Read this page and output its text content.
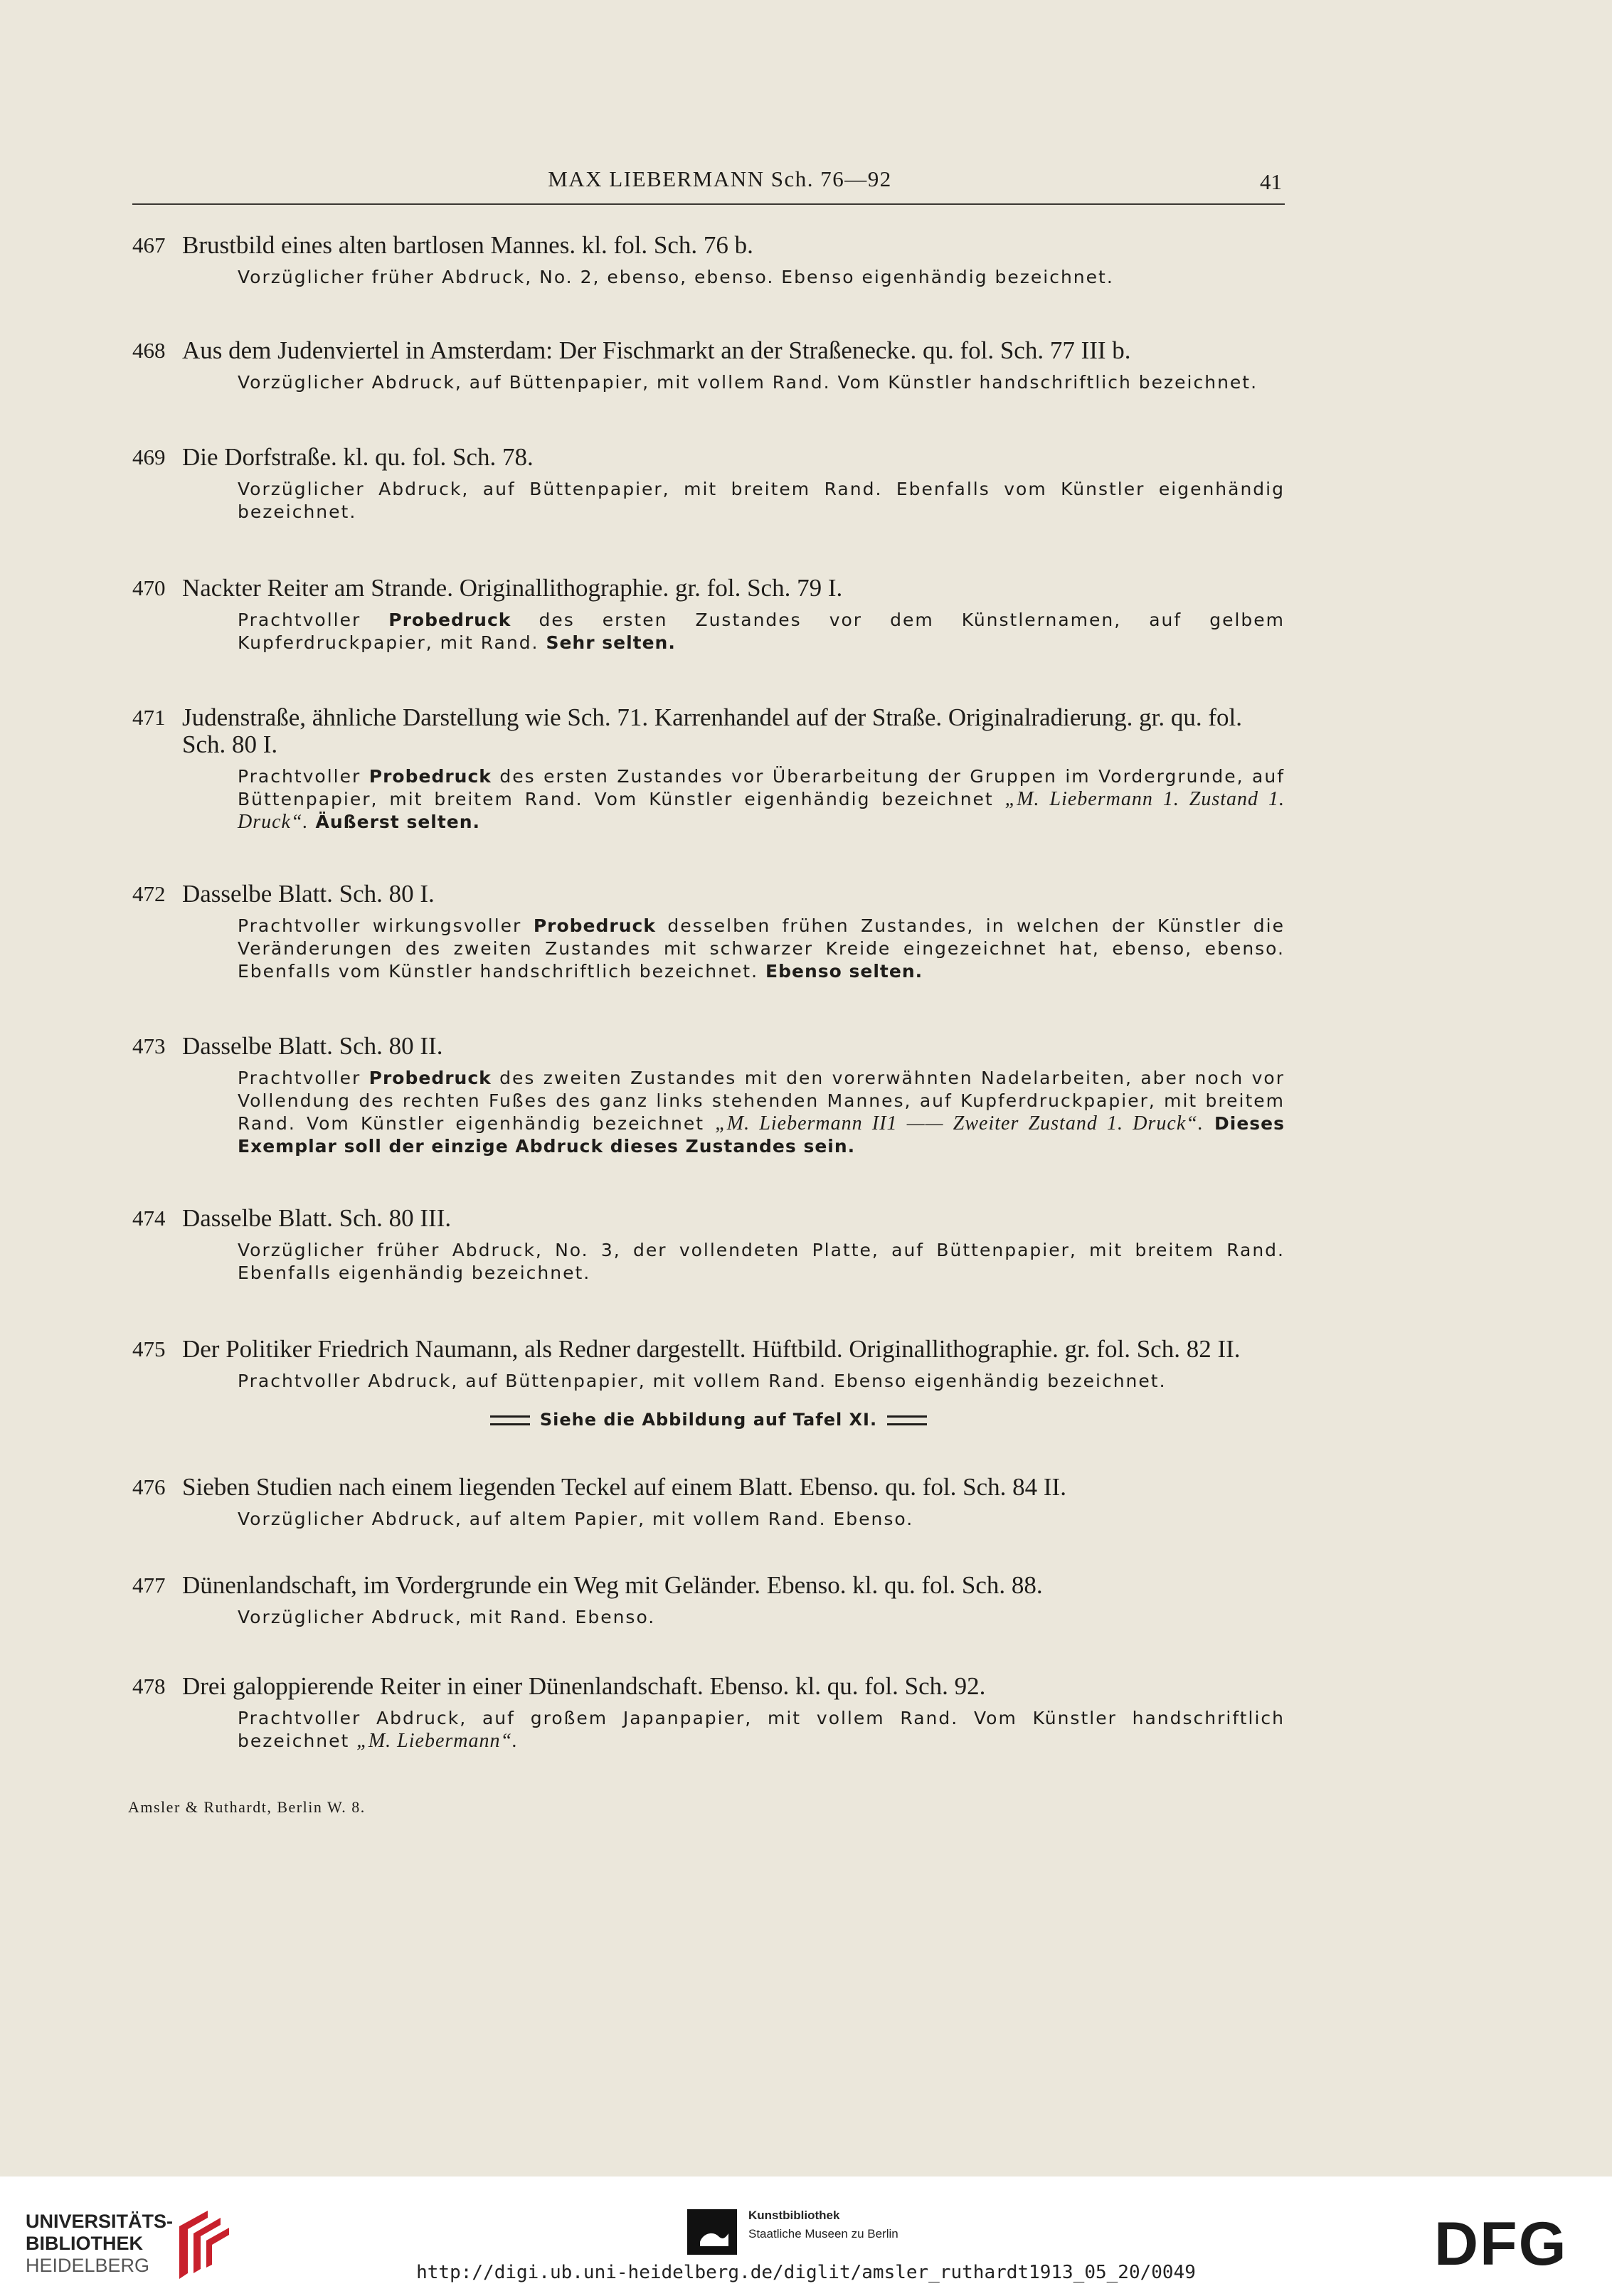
MAX LIEBERMANN Sch. 76—92	41
467 Brustbild eines alten bartlosen Mannes. kl. fol. Sch. 76 b.
Vorzüglicher früher Abdruck, No. 2, ebenso, ebenso. Ebenso eigenhändig bezeichnet.
468 Aus dem Judenviertel in Amsterdam: Der Fischmarkt an der Straßenecke. qu. fol. Sch. 77 III b.
Vorzüglicher Abdruck, auf Büttenpapier, mit vollem Rand. Vom Künstler handschriftlich bezeichnet.
469 Die Dorfstraße. kl. qu. fol. Sch. 78.
Vorzüglicher Abdruck, auf Büttenpapier, mit breitem Rand. Ebenfalls vom Künstler eigenhändig bezeichnet.
470 Nackter Reiter am Strande. Originallithographie. gr. fol. Sch. 79 I.
Prachtvoller Probedruck des ersten Zustandes vor dem Künstlernamen, auf gelbem Kupferdruckpapier, mit Rand. Sehr selten.
471 Judenstraße, ähnliche Darstellung wie Sch. 71. Karrenhandel auf der Straße. Originalradierung. gr. qu. fol. Sch. 80 I.
Prachtvoller Probedruck des ersten Zustandes vor Überarbeitung der Gruppen im Vordergrunde, auf Büttenpapier, mit breitem Rand. Vom Künstler eigenhändig bezeichnet „M. Liebermann 1. Zustand 1. Druck“. Äußerst selten.
472 Dasselbe Blatt. Sch. 80 I.
Prachtvoller wirkungsvoller Probedruck desselben frühen Zustandes, in welchen der Künstler die Veränderungen des zweiten Zustandes mit schwarzer Kreide eingezeichnet hat, ebenso, ebenso. Ebenfalls vom Künstler handschriftlich bezeichnet. Ebenso selten.
473 Dasselbe Blatt. Sch. 80 II.
Prachtvoller Probedruck des zweiten Zustandes mit den vorerwähnten Nadelarbeiten, aber noch vor Vollendung des rechten Fußes des ganz links stehenden Mannes, auf Kupferdruckpapier, mit breitem Rand. Vom Künstler eigenhändig bezeichnet „M. Liebermann II1 —— Zweiter Zustand 1. Druck“. Dieses Exemplar soll der einzige Abdruck dieses Zustandes sein.
474 Dasselbe Blatt. Sch. 80 III.
Vorzüglicher früher Abdruck, No. 3, der vollendeten Platte, auf Büttenpapier, mit breitem Rand. Ebenfalls eigenhändig bezeichnet.
475 Der Politiker Friedrich Naumann, als Redner dargestellt. Hüftbild. Originallithographie. gr. fol. Sch. 82 II.
Prachtvoller Abdruck, auf Büttenpapier, mit vollem Rand. Ebenso eigenhändig bezeichnet.
Siehe die Abbildung auf Tafel XI.
476 Sieben Studien nach einem liegenden Teckel auf einem Blatt. Ebenso. qu. fol. Sch. 84 II.
Vorzüglicher Abdruck, auf altem Papier, mit vollem Rand. Ebenso.
477 Dünenlandschaft, im Vordergrunde ein Weg mit Geländer. Ebenso. kl. qu. fol. Sch. 88.
Vorzüglicher Abdruck, mit Rand. Ebenso.
478 Drei galoppierende Reiter in einer Dünenlandschaft. Ebenso. kl. qu. fol. Sch. 92.
Prachtvoller Abdruck, auf großem Japanpapier, mit vollem Rand. Vom Künstler handschriftlich bezeichnet „M. Liebermann“.
Amsler & Ruthardt, Berlin W. 8.
UNIVERSITÄTS-
BIBLIOTHEK
HEIDELBERG
Kunstbibliothek
Staatliche Museen zu Berlin	DFG
http://digi.ub.uni-heidelberg.de/diglit/amsler_ruthardt1913_05_20/0049
